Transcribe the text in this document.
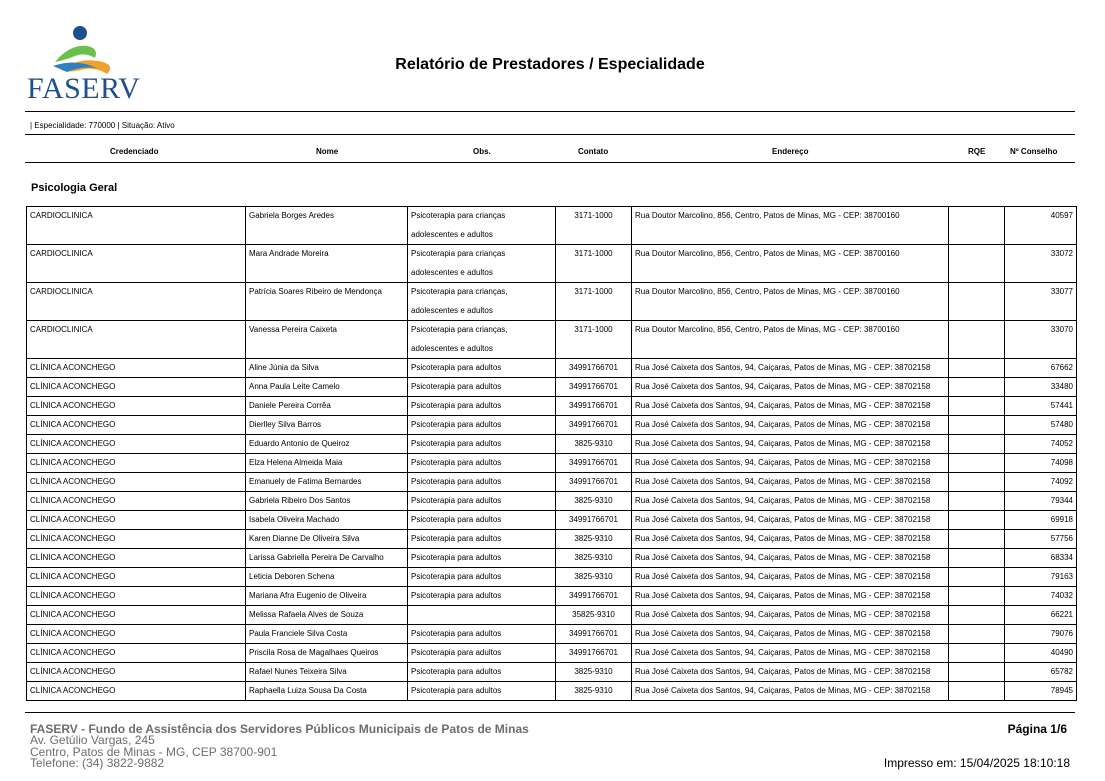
FASERV
Relatório de Prestadores / Especialidade
| Especialidade: 770000 | Situação: Ativo
Credenciado	Nome	Obs.	Contato	Endereço	RQE	Nº Conselho
Psicologia Geral
CARDIOCLINICA	Gabriela Borges Aredes	Psicoterapia para crianças adolescentes e adultos	3171-1000	Rua Doutor Marcolino, 856, Centro, Patos de Minas, MG - CEP: 38700160		40597
CARDIOCLINICA	Mara Andrade Moreira	Psicoterapia para crianças adolescentes e adultos	3171-1000	Rua Doutor Marcolino, 856, Centro, Patos de Minas, MG - CEP: 38700160		33072
CARDIOCLINICA	Patrícia Soares Ribeiro de Mendonça	Psicoterapia para crianças, adolescentes e adultos	3171-1000	Rua Doutor Marcolino, 856, Centro, Patos de Minas, MG - CEP: 38700160		33077
CARDIOCLINICA	Vanessa Pereira Caixeta	Psicoterapia para crianças, adolescentes e adultos	3171-1000	Rua Doutor Marcolino, 856, Centro, Patos de Minas, MG - CEP: 38700160		33070
CLÍNICA ACONCHEGO	Aline Júnia da Silva	Psicoterapia para adultos	34991766701	Rua José Caixeta dos Santos, 94, Caiçaras, Patos de Minas, MG - CEP: 38702158		67662
CLÍNICA ACONCHEGO	Anna Paula Leite Camelo	Psicoterapia para adultos	34991766701	Rua José Caixeta dos Santos, 94, Caiçaras, Patos de Minas, MG - CEP: 38702158		33480
CLÍNICA ACONCHEGO	Daniele Pereira Corrêa	Psicoterapia para adultos	34991766701	Rua José Caixeta dos Santos, 94, Caiçaras, Patos de Minas, MG - CEP: 38702158		57441
CLÍNICA ACONCHEGO	Dierlley Silva Barros	Psicoterapia para adultos	34991766701	Rua José Caixeta dos Santos, 94, Caiçaras, Patos de Minas, MG - CEP: 38702158		57480
CLÍNICA ACONCHEGO	Eduardo Antonio de Queiroz	Psicoterapia para adultos	3825-9310	Rua José Caixeta dos Santos, 94, Caiçaras, Patos de Minas, MG - CEP: 38702158		74052
CLÍNICA ACONCHEGO	Elza Helena Almeida Maia	Psicoterapia para adultos	34991766701	Rua José Caixeta dos Santos, 94, Caiçaras, Patos de Minas, MG - CEP: 38702158		74098
CLÍNICA ACONCHEGO	Emanuely de Fatima Bernardes	Psicoterapia para adultos	34991766701	Rua José Caixeta dos Santos, 94, Caiçaras, Patos de Minas, MG - CEP: 38702158		74092
CLÍNICA ACONCHEGO	Gabriela Ribeiro Dos Santos	Psicoterapia para adultos	3825-9310	Rua José Caixeta dos Santos, 94, Caiçaras, Patos de Minas, MG - CEP: 38702158		79344
CLÍNICA ACONCHEGO	Isabela Oliveira Machado	Psicoterapia para adultos	34991766701	Rua José Caixeta dos Santos, 94, Caiçaras, Patos de Minas, MG - CEP: 38702158		69918
CLÍNICA ACONCHEGO	Karen Dianne De Oliveira Silva	Psicoterapia para adultos	3825-9310	Rua José Caixeta dos Santos, 94, Caiçaras, Patos de Minas, MG - CEP: 38702158		57756
CLÍNICA ACONCHEGO	Larissa Gabriella Pereira De Carvalho	Psicoterapia para adultos	3825-9310	Rua José Caixeta dos Santos, 94, Caiçaras, Patos de Minas, MG - CEP: 38702158		68334
CLÍNICA ACONCHEGO	Leticia Deboren Schena	Psicoterapia para adultos	3825-9310	Rua José Caixeta dos Santos, 94, Caiçaras, Patos de Minas, MG - CEP: 38702158		79163
CLÍNICA ACONCHEGO	Mariana Afra Eugenio de Oliveira	Psicoterapia para adultos	34991766701	Rua José Caixeta dos Santos, 94, Caiçaras, Patos de Minas, MG - CEP: 38702158		74032
CLÍNICA ACONCHEGO	Melissa Rafaela Alves de Souza		35825-9310	Rua José Caixeta dos Santos, 94, Caiçaras, Patos de Minas, MG - CEP: 38702158		66221
CLÍNICA ACONCHEGO	Paula Franciele Silva Costa	Psicoterapia para adultos	34991766701	Rua José Caixeta dos Santos, 94, Caiçaras, Patos de Minas, MG - CEP: 38702158		79076
CLÍNICA ACONCHEGO	Priscila Rosa de Magalhaes Queiros	Psicoterapia para adultos	34991766701	Rua José Caixeta dos Santos, 94, Caiçaras, Patos de Minas, MG - CEP: 38702158		40490
CLÍNICA ACONCHEGO	Rafael Nunes Teixeira Silva	Psicoterapia para adultos	3825-9310	Rua José Caixeta dos Santos, 94, Caiçaras, Patos de Minas, MG - CEP: 38702158		65782
CLÍNICA ACONCHEGO	Raphaella Luiza Sousa Da Costa	Psicoterapia para adultos	3825-9310	Rua José Caixeta dos Santos, 94, Caiçaras, Patos de Minas, MG - CEP: 38702158		78945
FASERV - Fundo de Assistência dos Servidores Públicos Municipais de Patos de Minas
Av. Getúlio Vargas, 245
Centro, Patos de Minas - MG, CEP 38700-901
Telefone: (34) 3822-9882
Página 1/6
Impresso em: 15/04/2025 18:10:18
